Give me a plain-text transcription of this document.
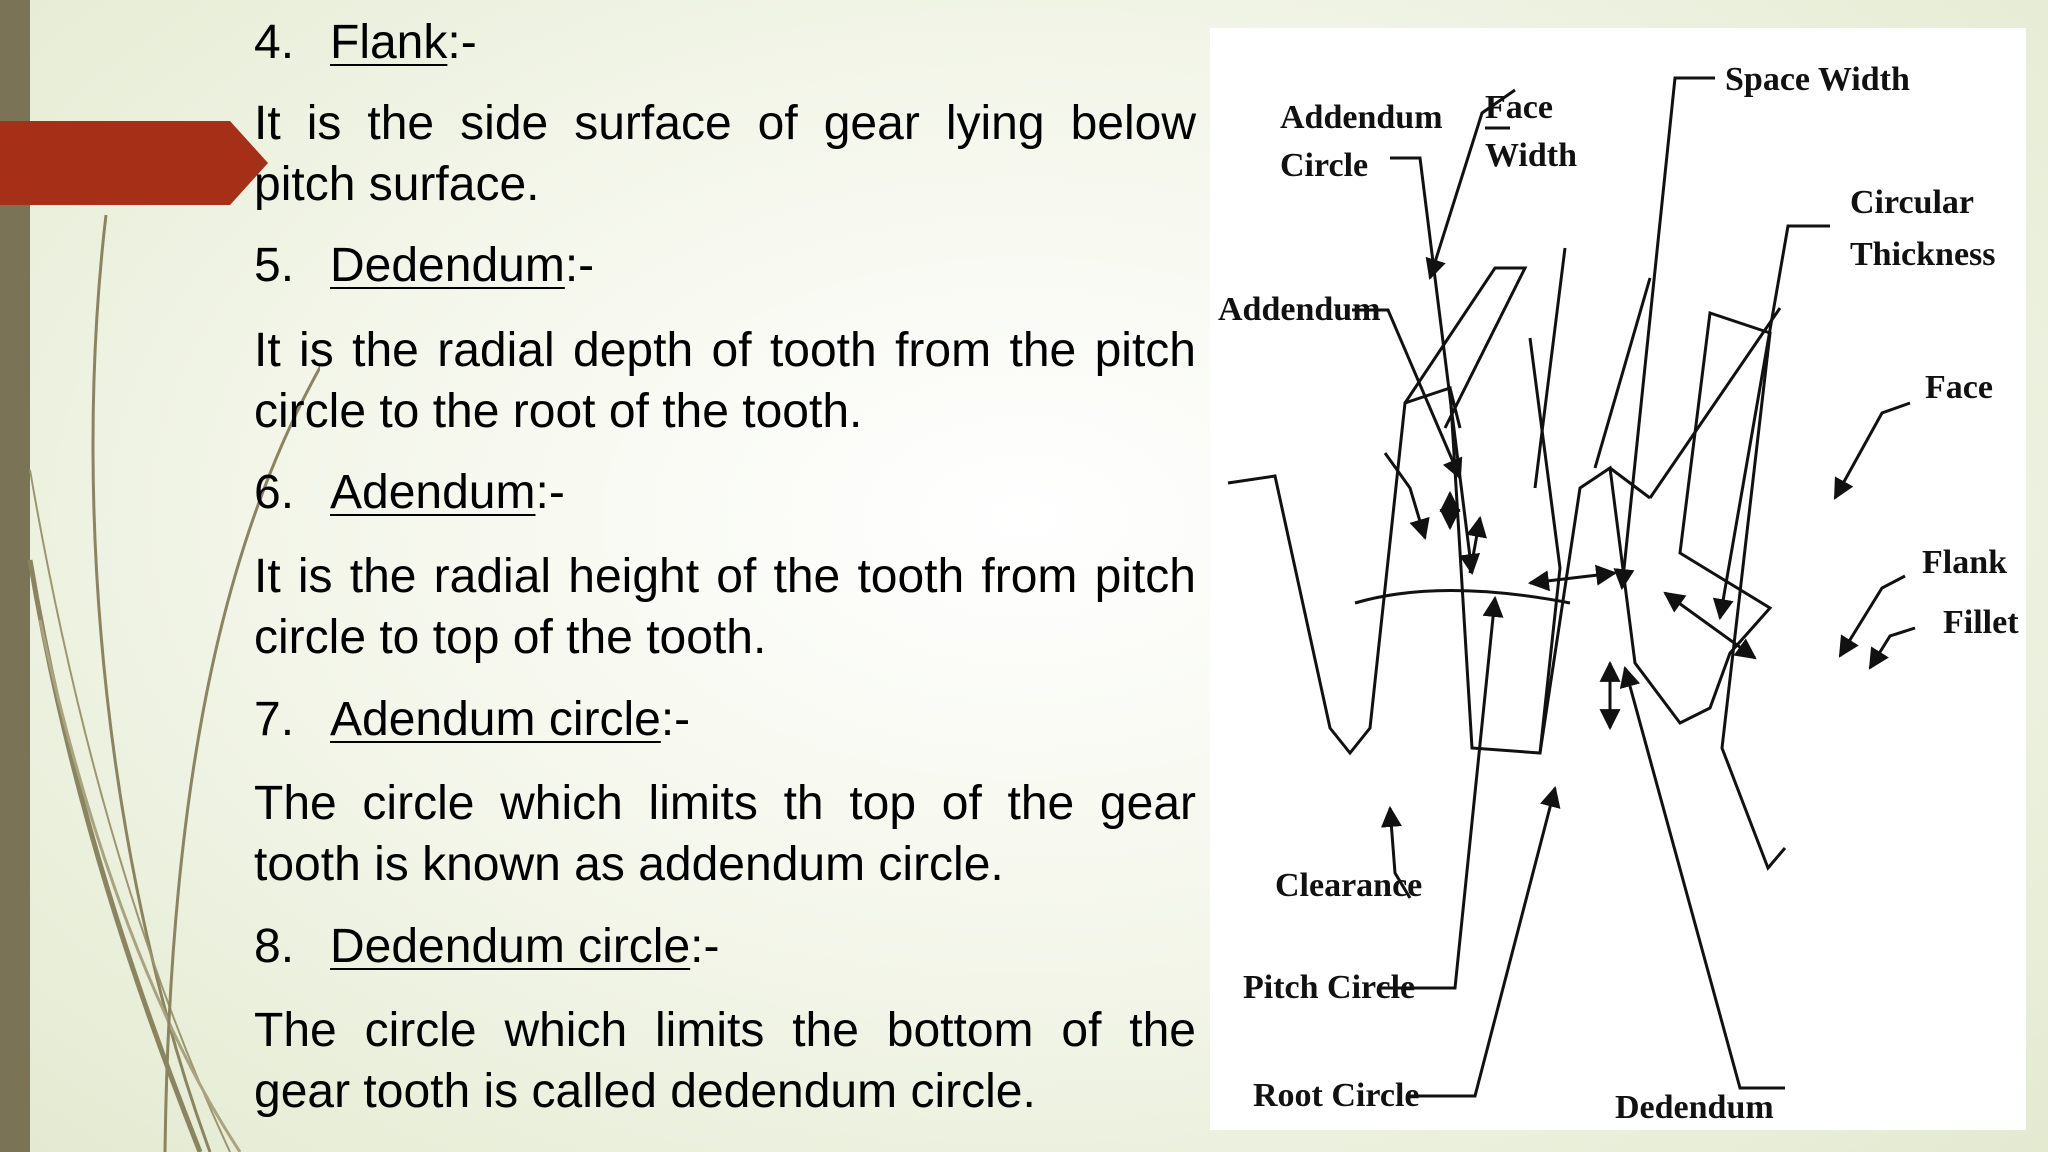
4. Flank:-
It is the side surface of gear lying below pitch surface.
5. Dedendum:-
It is the radial depth of tooth from the pitch circle to the root of the tooth.
6. Adendum:-
It is the radial height of the tooth from pitch circle to top of the tooth.
7. Adendum circle:-
The circle which limits th top of the gear tooth is known as addendum circle.
8. Dedendum circle:-
The circle which limits the bottom of the gear tooth is called dedendum circle.
Space Width
Addendum
Circle
Face
Width
Circular
Thickness
Addendum
Face
Flank
Fillet
Clearance
Pitch Circle
Root Circle	Dedendum
